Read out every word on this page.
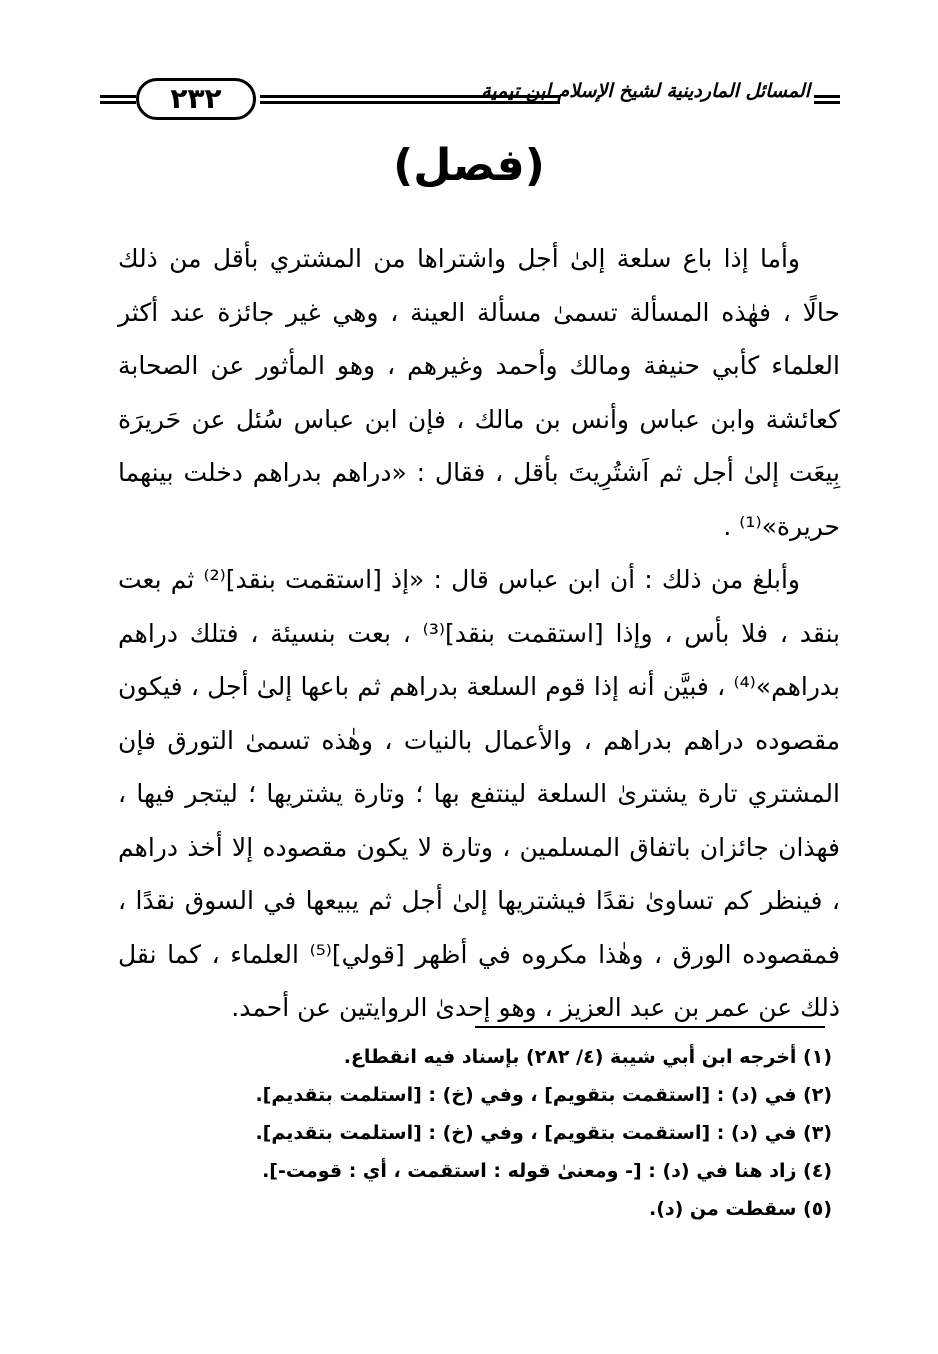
٢٣٢	المسائل الماردينية لشيخ الإسلام ابن تيمية
(فصل)

وأما إذا باع سلعة إلىٰ أجل واشتراها من المشتري بأقل من ذلك حالًا ، فهٰذه المسألة تسمىٰ مسألة العينة ، وهي غير جائزة عند أكثر العلماء كأبي حنيفة ومالك وأحمد وغيرهم ، وهو المأثور عن الصحابة كعائشة وابن عباس وأنس بن مالك ، فإن ابن عباس سُئل عن حَريرَة بِيعَت إلىٰ أجل ثم اَشتُرِيتَ بأقل ، فقال : «دراهم بدراهم دخلت بينهما حريرة»⁽¹⁾ .

وأبلغ من ذلك : أن ابن عباس قال : «إذ [استقمت بنقد]⁽²⁾ ثم بعت بنقد ، فلا بأس ، وإذا [استقمت بنقد]⁽³⁾ ، بعت بنسيئة ، فتلك دراهم بدراهم»⁽⁴⁾ ، فبيَّن أنه إذا قوم السلعة بدراهم ثم باعها إلىٰ أجل ، فيكون مقصوده دراهم بدراهم ، والأعمال بالنيات ، وهٰذه تسمىٰ التورق فإن المشتري تارة يشترىٰ السلعة لينتفع بها ؛ وتارة يشتريها ؛ ليتجر فيها ، فهذان جائزان باتفاق المسلمين ، وتارة لا يكون مقصوده إلا أخذ دراهم ، فينظر كم تساوىٰ نقدًا فيشتريها إلىٰ أجل ثم يبيعها في السوق نقدًا ، فمقصوده الورق ، وهٰذا مكروه في أظهر [قولي]⁽⁵⁾ العلماء ، كما نقل ذلك عن عمر بن عبد العزيز ، وهو إحدىٰ الروايتين عن أحمد.

(١) أخرجه ابن أبي شيبة (٤/ ٢٨٢) بإسناد فيه انقطاع.
(٢) في (د) : [استقمت بتقويم] ، وفي (خ) : [استلمت بتقديم].
(٣) في (د) : [استقمت بتقويم] ، وفي (خ) : [استلمت بتقديم].
(٤) زاد هنا في (د) : [- ومعنىٰ قوله : استقمت ، أي : قومت-].
(٥) سقطت من (د).
